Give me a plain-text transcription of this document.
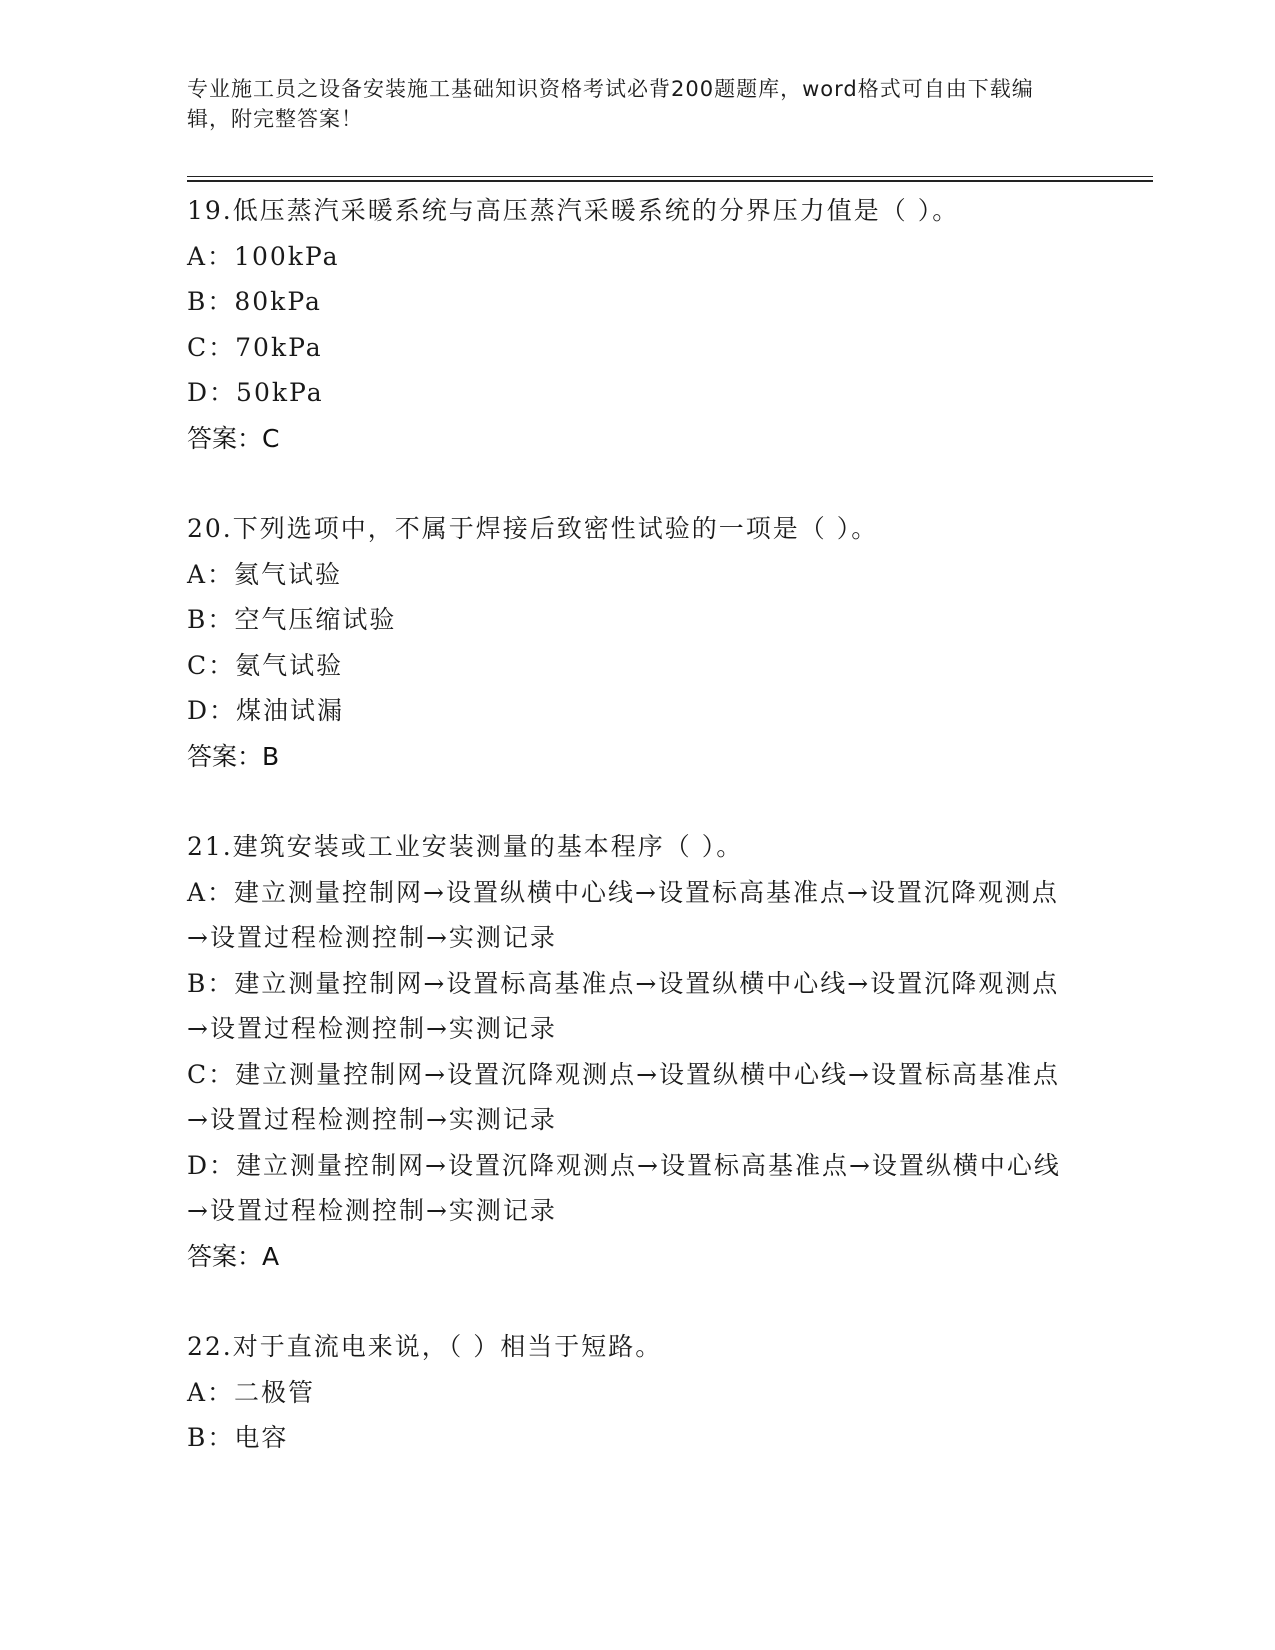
专业施工员之设备安装施工基础知识资格考试必背200题题库，word格式可自由下载编辑，附完整答案！
19.低压蒸汽采暖系统与高压蒸汽采暖系统的分界压力值是（ ）。
A：100kPa
B：80kPa
C：70kPa
D：50kPa
答案：C
20.下列选项中，不属于焊接后致密性试验的一项是（ ）。
A：氦气试验
B：空气压缩试验
C：氨气试验
D：煤油试漏
答案：B
21.建筑安装或工业安装测量的基本程序（ ）。
A：建立测量控制网→设置纵横中心线→设置标高基准点→设置沉降观测点→设置过程检测控制→实测记录
B：建立测量控制网→设置标高基准点→设置纵横中心线→设置沉降观测点→设置过程检测控制→实测记录
C：建立测量控制网→设置沉降观测点→设置纵横中心线→设置标高基准点→设置过程检测控制→实测记录
D：建立测量控制网→设置沉降观测点→设置标高基准点→设置纵横中心线→设置过程检测控制→实测记录
答案：A
22.对于直流电来说，（ ）相当于短路。
A：二极管
B：电容
